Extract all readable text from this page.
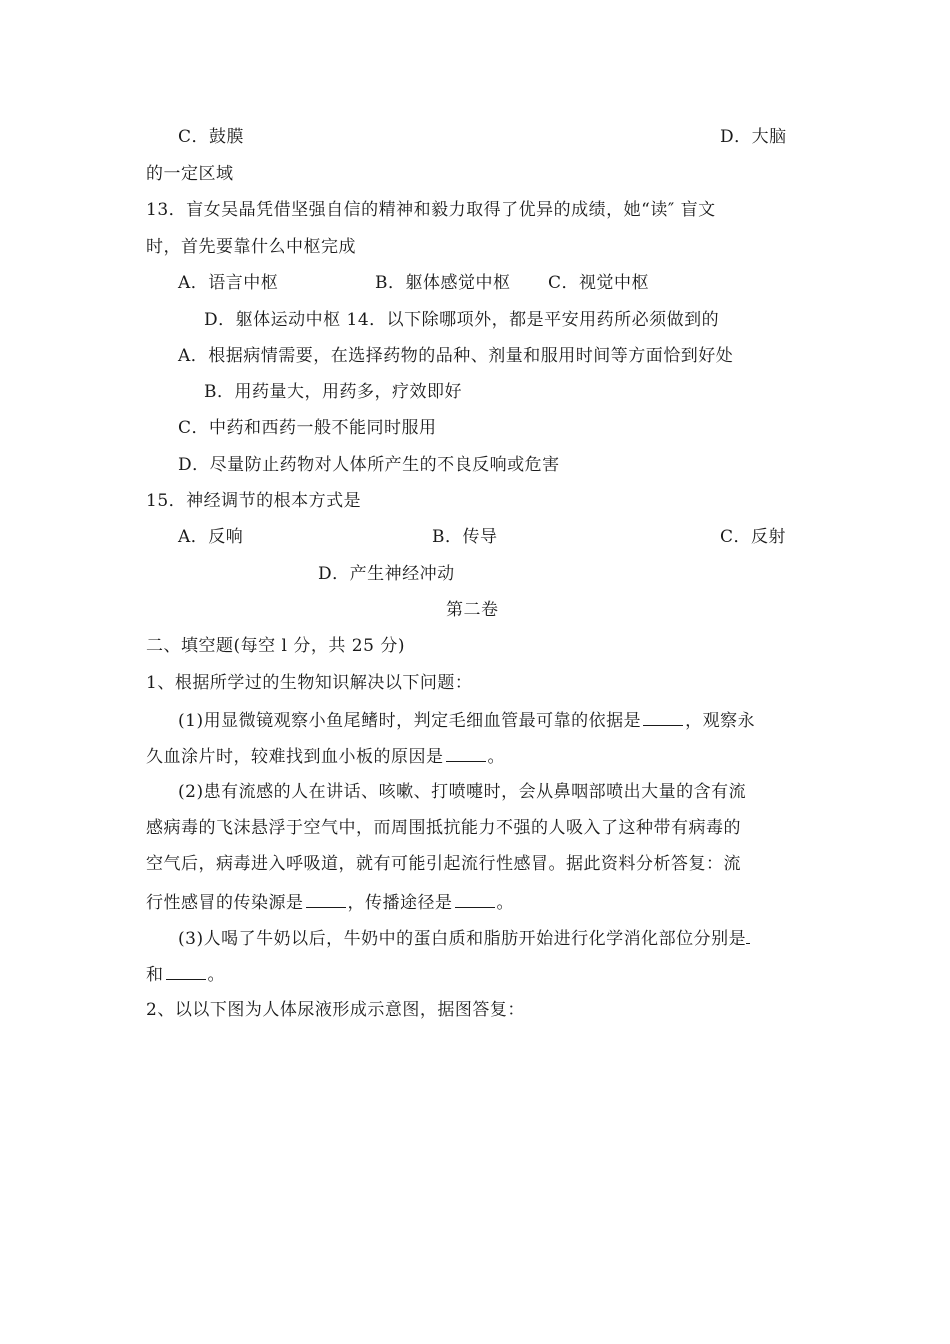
C．鼓膜	D．大脑
的一定区域
13．盲女吴晶凭借坚强自信的精神和毅力取得了优异的成绩，她“读″ 盲文
时，首先要靠什么中枢完成
A．语言中枢	B．躯体感觉中枢 C．视觉中枢
D．躯体运动中枢 14．以下除哪项外，都是平安用药所必须做到的
A．根据病情需要，在选择药物的品种、剂量和服用时间等方面恰到好处
B．用药量大，用药多，疗效即好
C．中药和西药一般不能同时服用
D．尽量防止药物对人体所产生的不良反响或危害
15．神经调节的根本方式是
A．反响	B．传导	C．反射
D．产生神经冲动
第二卷
二、填空题(每空 l 分，共 25 分)
1、根据所学过的生物知识解决以下问题：
(1)用显微镜观察小鱼尾鳍时，判定毛细血管最可靠的依据是	，观察永
久血涂片时，较难找到血小板的原因是	。
(2)患有流感的人在讲话、咳嗽、打喷嚏时，会从鼻咽部喷出大量的含有流
感病毒的飞沫悬浮于空气中，而周围抵抗能力不强的人吸入了这种带有病毒的
空气后，病毒进入呼吸道，就有可能引起流行性感冒。据此资料分析答复：流
行性感冒的传染源是	，传播途径是	。
(3)人喝了牛奶以后，牛奶中的蛋白质和脂肪开始进行化学消化部位分别是
和	。
2、以以下图为人体尿液形成示意图，据图答复：
